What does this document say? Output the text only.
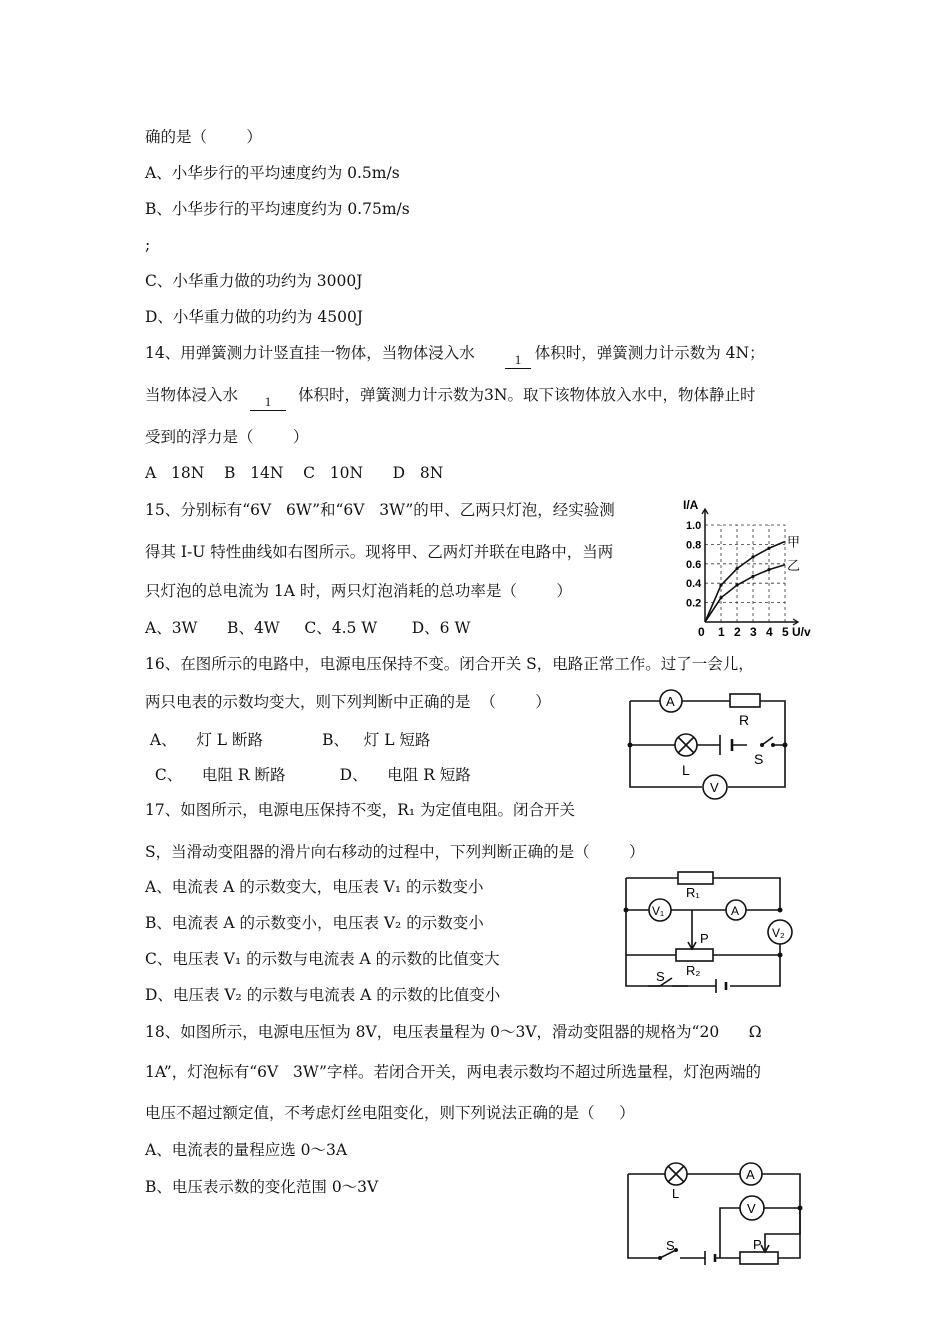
确的是（        ）
A、小华步行的平均速度约为 0.5m/s
B、小华步行的平均速度约为 0.75m/s
;
C、小华重力做的功约为 3000J
D、小华重力做的功约为 4500J
14、用弹簧测力计竖直挂一物体，当物体浸入水	体积时，弹簧测力计示数为 4N；
1
当物体浸入水	体积时，弹簧测力计示数为3N。取下该物体放入水中，物体静止时
1
受到的浮力是（        ）
A   18N    B   14N    C   10N      D   8N
15、分别标有“6V   6W”和“6V   3W”的甲、乙两只灯泡，经实验测
得其 I-U 特性曲线如右图所示。现将甲、乙两灯并联在电路中，当两
只灯泡的总电流为 1A 时，两只灯泡消耗的总功率是（        ）
A、3W      B、4W     C、4.5 W       D、6 W	0 1 2 3 4 5
0.2
0.4
0.6
0.8
1.0
I/A
U/v
甲
乙
16、在图所示的电路中，电源电压保持不变。闭合开关 S，电路正常工作。过了一会儿，
两只电表的示数均变大，则下列判断中正确的是  （        ）
A、    灯 L 断路            B、   灯 L 短路
C、    电阻 R 断路           D、    电阻 R 短路
A
R
L
S
V
17、如图所示，电源电压保持不变，R₁ 为定值电阻。闭合开关
S，当滑动变阻器的滑片向右移动的过程中，下列判断正确的是（        ）
A、电流表 A 的示数变大，电压表 V₁ 的示数变小
B、电流表 A 的示数变小，电压表 V₂ 的示数变小
C、电压表 V₁ 的示数与电流表 A 的示数的比值变大
D、电压表 V₂ 的示数与电流表 A 的示数的比值变小
R₁
V₁	A
V₂
P
R₂
S
18、如图所示，电源电压恒为 8V，电压表量程为 0～3V，滑动变阻器的规格为“20      Ω
1A”，灯泡标有“6V   3W”字样。若闭合开关，两电表示数均不超过所选量程，灯泡两端的
电压不超过额定值，不考虑灯丝电阻变化，则下列说法正确的是（     ）
A、电流表的量程应选 0～3A
B、电压表示数的变化范围 0～3V	L
A
V
S	P
